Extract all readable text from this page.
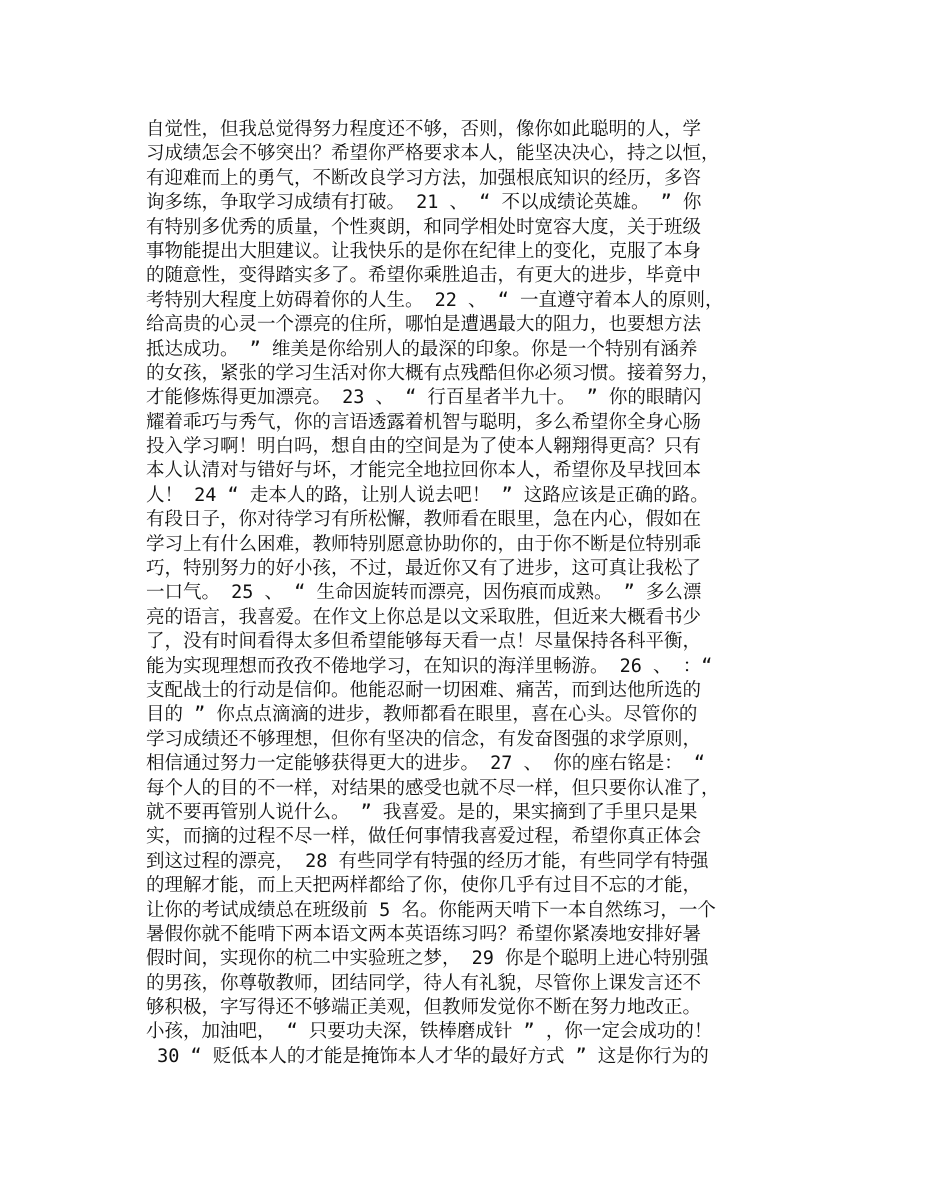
自觉性，但我总觉得努力程度还不够，否则，像你如此聪明的人，学
习成绩怎会不够突出？希望你严格要求本人，能坚决决心，持之以恒，
有迎难而上的勇气，不断改良学习方法，加强根底知识的经历，多咨
询多练，争取学习成绩有打破。 21 、 “ 不以成绩论英雄。 ” 你
有特别多优秀的质量，个性爽朗，和同学相处时宽容大度，关于班级
事物能提出大胆建议。让我快乐的是你在纪律上的变化，克服了本身
的随意性，变得踏实多了。希望你乘胜追击，有更大的进步，毕竟中
考特别大程度上妨碍着你的人生。 22 、 “ 一直遵守着本人的原则，
给高贵的心灵一个漂亮的住所，哪怕是遭遇最大的阻力，也要想方法
抵达成功。 ” 维美是你给别人的最深的印象。你是一个特别有涵养
的女孩，紧张的学习生活对你大概有点残酷但你必须习惯。接着努力，
才能修炼得更加漂亮。 23 、 “ 行百星者半九十。 ” 你的眼睛闪
耀着乖巧与秀气，你的言语透露着机智与聪明，多么希望你全身心肠
投入学习啊！明白吗，想自由的空间是为了使本人翱翔得更高？只有
本人认清对与错好与坏，才能完全地拉回你本人，希望你及早找回本
人！ 24 “ 走本人的路，让别人说去吧！ ” 这路应该是正确的路。
有段日子，你对待学习有所松懈，教师看在眼里，急在内心，假如在
学习上有什么困难，教师特别愿意协助你的，由于你不断是位特别乖
巧，特别努力的好小孩，不过，最近你又有了进步，这可真让我松了
一口气。 25 、 “ 生命因旋转而漂亮，因伤痕而成熟。 ” 多么漂
亮的语言，我喜爱。在作文上你总是以文采取胜，但近来大概看书少
了，没有时间看得太多但希望能够每天看一点！尽量保持各科平衡，
能为实现理想而孜孜不倦地学习，在知识的海洋里畅游。 26 、 ：“
支配战士的行动是信仰。他能忍耐一切困难、痛苦，而到达他所选的
目的 ” 你点点滴滴的进步，教师都看在眼里，喜在心头。尽管你的
学习成绩还不够理想，但你有坚决的信念，有发奋图强的求学原则，
相信通过努力一定能够获得更大的进步。 27 、 你的座右铭是： “
每个人的目的不一样，对结果的感受也就不尽一样，但只要你认准了，
就不要再管别人说什么。 ” 我喜爱。是的，果实摘到了手里只是果
实，而摘的过程不尽一样，做任何事情我喜爱过程，希望你真正体会
到这过程的漂亮， 28 有些同学有特强的经历才能，有些同学有特强
的理解才能，而上天把两样都给了你，使你几乎有过目不忘的才能，
让你的考试成绩总在班级前 5 名。你能两天啃下一本自然练习，一个
暑假你就不能啃下两本语文两本英语练习吗？希望你紧凑地安排好暑
假时间，实现你的杭二中实验班之梦， 29 你是个聪明上进心特别强
的男孩，你尊敬教师，团结同学，待人有礼貌，尽管你上课发言还不
够积极，字写得还不够端正美观，但教师发觉你不断在努力地改正。
小孩，加油吧， “ 只要功夫深，铁棒磨成针 ” ，你一定会成功的！
30 “ 贬低本人的才能是掩饰本人才华的最好方式 ” 这是你行为的
